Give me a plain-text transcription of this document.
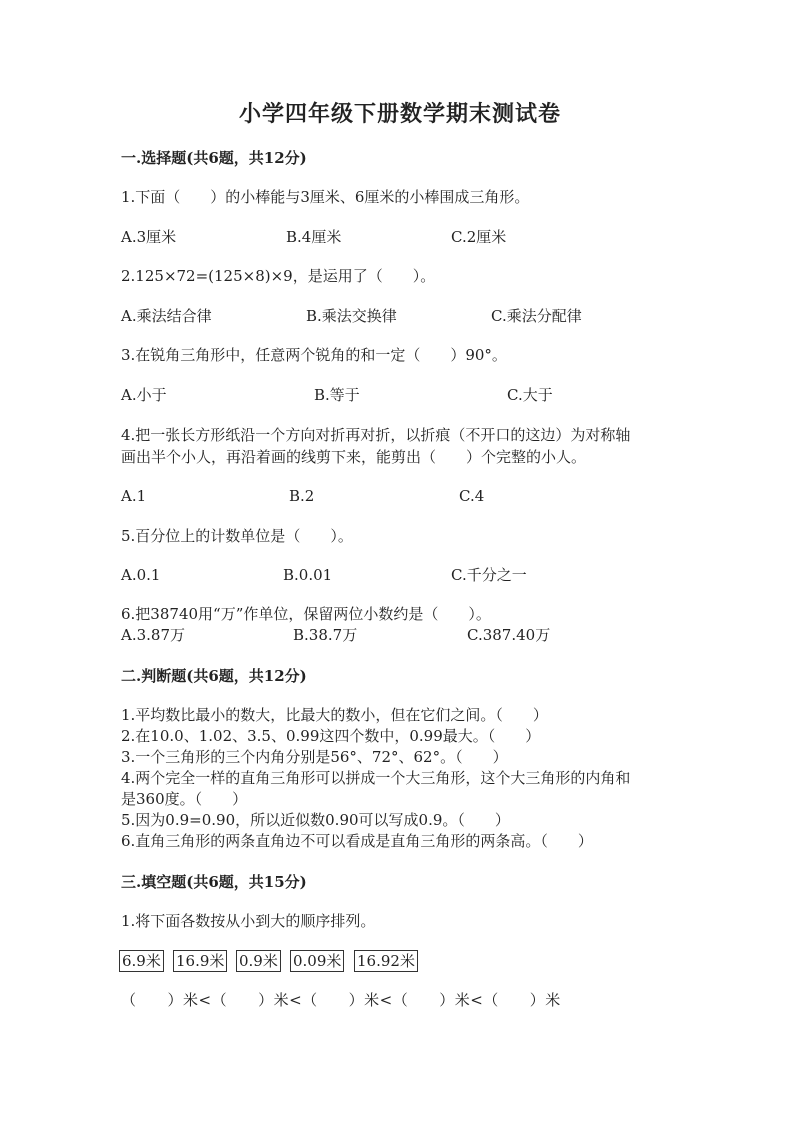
小学四年级下册数学期末测试卷
一.选择题(共6题，共12分)
1.下面（　　）的小棒能与3厘米、6厘米的小棒围成三角形。
A.3厘米	B.4厘米	C.2厘米
2.125×72=(125×8)×9，是运用了（　　）。
A.乘法结合律	B.乘法交换律	C.乘法分配律
3.在锐角三角形中，任意两个锐角的和一定（　　）90°。
A.小于	B.等于	C.大于
4.把一张长方形纸沿一个方向对折再对折，以折痕（不开口的这边）为对称轴
画出半个小人，再沿着画的线剪下来，能剪出（　　）个完整的小人。
A.1	B.2	C.4
5.百分位上的计数单位是（　　）。
A.0.1	B.0.01	C.千分之一
6.把38740用“万”作单位，保留两位小数约是（　　）。
A.3.87万	B.38.7万	C.387.40万
二.判断题(共6题，共12分)
1.平均数比最小的数大，比最大的数小，但在它们之间。（　　）
2.在10.0、1.02、3.5、0.99这四个数中，0.99最大。（　　）
3.一个三角形的三个内角分别是56°、72°、62°。（　　）
4.两个完全一样的直角三角形可以拼成一个大三角形，这个大三角形的内角和
是360度。（　　）
5.因为0.9=0.90，所以近似数0.90可以写成0.9。（　　）
6.直角三角形的两条直角边不可以看成是直角三角形的两条高。（　　）
三.填空题(共6题，共15分)
1.将下面各数按从小到大的顺序排列。
6.9米 16.9米 0.9米 0.09米 16.92米
（　　）米<（　　）米<（　　）米<（　　）米<（　　）米
